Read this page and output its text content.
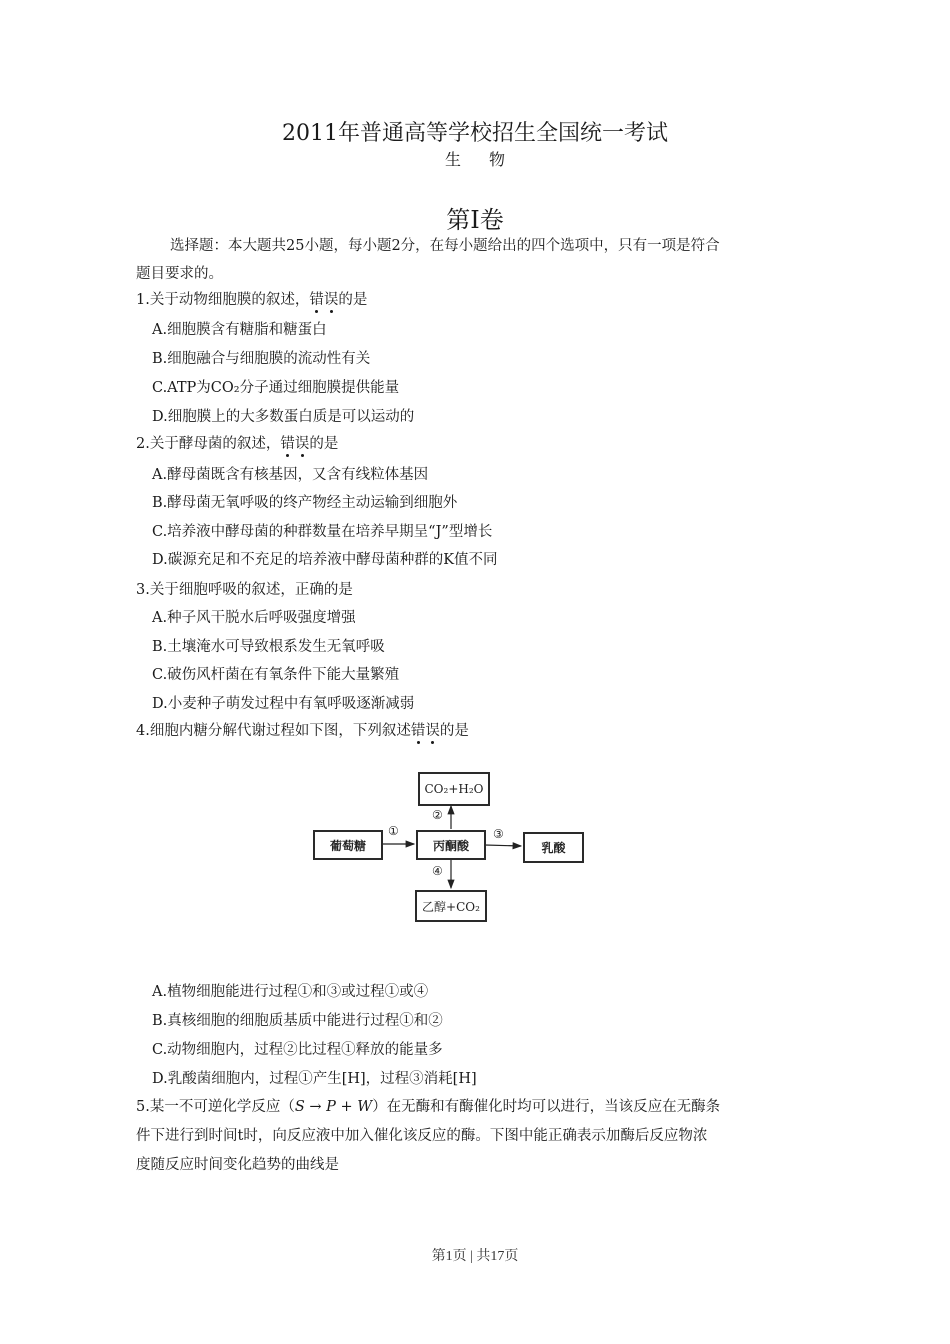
2011年普通高等学校招生全国统一考试
生物
第I卷
选择题：本大题共25小题，每小题2分，在每小题给出的四个选项中，只有一项是符合
题目要求的。
1.关于动物细胞膜的叙述，错误的是
A.细胞膜含有糖脂和糖蛋白
B.细胞融合与细胞膜的流动性有关
C.ATP为CO₂分子通过细胞膜提供能量
D.细胞膜上的大多数蛋白质是可以运动的
2.关于酵母菌的叙述，错误的是
A.酵母菌既含有核基因，又含有线粒体基因
B.酵母菌无氧呼吸的终产物经主动运输到细胞外
C.培养液中酵母菌的种群数量在培养早期呈“J”型增长
D.碳源充足和不充足的培养液中酵母菌种群的K值不同
3.关于细胞呼吸的叙述，正确的是
A.种子风干脱水后呼吸强度增强
B.土壤淹水可导致根系发生无氧呼吸
C.破伤风杆菌在有氧条件下能大量繁殖
D.小麦种子萌发过程中有氧呼吸逐渐减弱
4.细胞内糖分解代谢过程如下图，下列叙述错误的是
葡萄糖	丙酮酸	乳酸
CO₂+H₂O
乙醇+CO₂
①
②
③
④
A.植物细胞能进行过程①和③或过程①或④
B.真核细胞的细胞质基质中能进行过程①和②
C.动物细胞内，过程②比过程①释放的能量多
D.乳酸菌细胞内，过程①产生[H]，过程③消耗[H]
5.某一不可逆化学反应（S → P + W）在无酶和有酶催化时均可以进行，当该反应在无酶条
件下进行到时间t时，向反应液中加入催化该反应的酶。下图中能正确表示加酶后反应物浓
度随反应时间变化趋势的曲线是
第1页 | 共17页
